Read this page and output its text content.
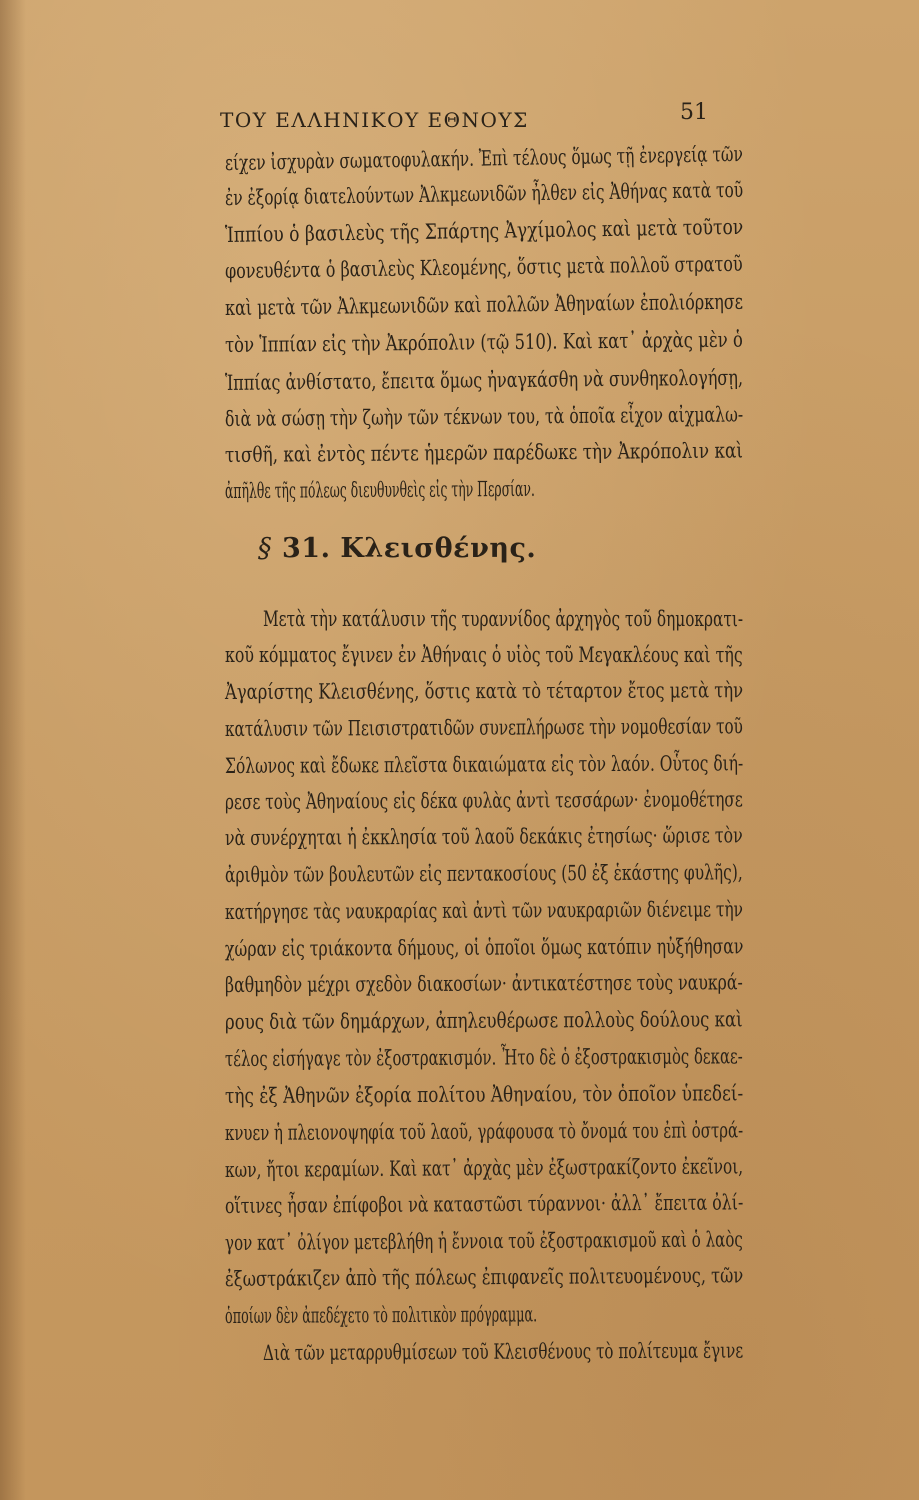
ΤΟΥ ΕΛΛΗΝΙΚΟΥ ΕΘΝΟΥΣ	51
είχεν ἰσχυρὰν σωματοφυλακήν. Ἐπὶ τέλους ὅμως τῇ ἐνεργείᾳ τῶν
ἐν ἐξορίᾳ διατελούντων Ἀλκμεωνιδῶν ἦλθεν εἰς Ἀθήνας κατὰ τοῦ
Ἱππίου ὁ βασιλεὺς τῆς Σπάρτης Ἀγχίμολος καὶ μετὰ τοῦτον
φονευθέντα ὁ βασιλεὺς Κλεομένης, ὅστις μετὰ πολλοῦ στρατοῦ
καὶ μετὰ τῶν Ἀλκμεωνιδῶν καὶ πολλῶν Ἀθηναίων ἐπολιόρκησε
τὸν Ἱππίαν εἰς τὴν Ἀκρόπολιν (τῷ 510). Καὶ κατ᾽ ἀρχὰς μὲν ὁ
Ἱππίας ἀνθίστατο, ἔπειτα ὅμως ἠναγκάσθη νὰ συνθηκολογήσῃ,
διὰ νὰ σώσῃ τὴν ζωὴν τῶν τέκνων του, τὰ ὁποῖα εἶχον αἰχμαλω-
τισθῆ, καὶ ἐντὸς πέντε ἡμερῶν παρέδωκε τὴν Ἀκρόπολιν καὶ
ἀπῆλθε τῆς πόλεως διευθυνθεὶς εἰς τὴν Περσίαν.
§ 31. Κλεισθένης.
Μετὰ τὴν κατάλυσιν τῆς τυραννίδος ἀρχηγὸς τοῦ δημοκρατι-
κοῦ κόμματος ἔγινεν ἐν Ἀθήναις ὁ υἱὸς τοῦ Μεγακλέους καὶ τῆς
Ἀγαρίστης Κλεισθένης, ὅστις κατὰ τὸ τέταρτον ἔτος μετὰ τὴν
κατάλυσιν τῶν Πεισιστρατιδῶν συνεπλήρωσε τὴν νομοθεσίαν τοῦ
Σόλωνος καὶ ἔδωκε πλεῖστα δικαιώματα εἰς τὸν λαόν. Οὗτος διή-
ρεσε τοὺς Ἀθηναίους εἰς δέκα φυλὰς ἀντὶ τεσσάρων· ἐνομοθέτησε
νὰ συνέρχηται ἡ ἐκκλησία τοῦ λαοῦ δεκάκις ἐτησίως· ὥρισε τὸν
ἀριθμὸν τῶν βουλευτῶν εἰς πεντακοσίους (50 ἐξ ἑκάστης φυλῆς),
κατήργησε τὰς ναυκραρίας καὶ ἀντὶ τῶν ναυκραριῶν διένειμε τὴν
χώραν εἰς τριάκοντα δήμους, οἱ ὁποῖοι ὅμως κατόπιν ηὐξήθησαν
βαθμηδὸν μέχρι σχεδὸν διακοσίων· ἀντικατέστησε τοὺς ναυκρά-
ρους διὰ τῶν δημάρχων, ἀπηλευθέρωσε πολλοὺς δούλους καὶ
τέλος εἰσήγαγε τὸν ἐξοστρακισμόν. Ἦτο δὲ ὁ ἐξοστρακισμὸς δεκαε-
τὴς ἐξ Ἀθηνῶν ἐξορία πολίτου Ἀθηναίου, τὸν ὁποῖον ὑπεδεί-
κνυεν ἡ πλειονοψηφία τοῦ λαοῦ, γράφουσα τὸ ὄνομά του ἐπὶ ὀστρά-
κων, ἤτοι κεραμίων. Καὶ κατ᾽ ἀρχὰς μὲν ἐξωστρακίζοντο ἐκεῖνοι,
οἵτινες ἦσαν ἐπίφοβοι νὰ καταστῶσι τύραννοι· ἀλλ᾽ ἔπειτα ὀλί-
γον κατ᾽ ὀλίγον μετεβλήθη ἡ ἔννοια τοῦ ἐξοστρακισμοῦ καὶ ὁ λαὸς
ἐξωστράκιζεν ἀπὸ τῆς πόλεως ἐπιφανεῖς πολιτευομένους, τῶν
ὁποίων δὲν ἀπεδέχετο τὸ πολιτικὸν πρόγραμμα.
Διὰ τῶν μεταρρυθμίσεων τοῦ Κλεισθένους τὸ πολίτευμα ἔγινε
